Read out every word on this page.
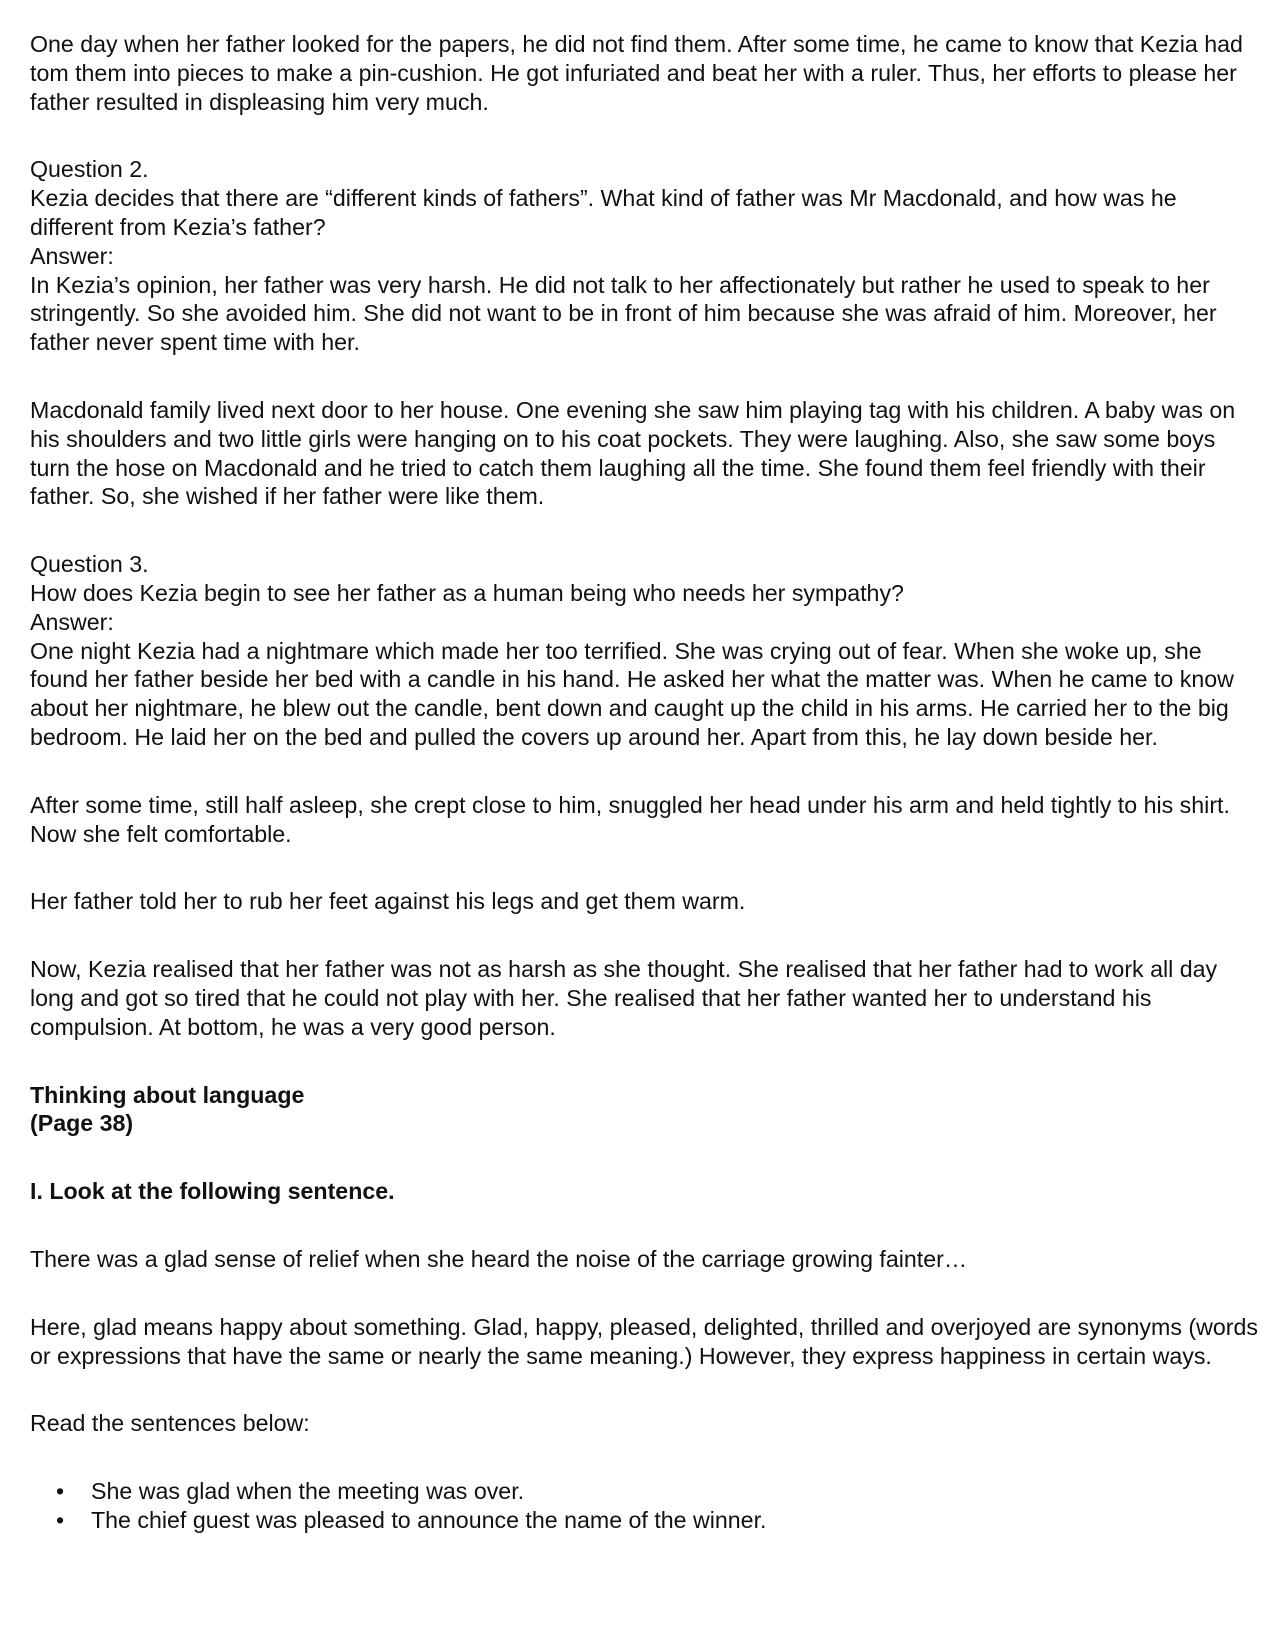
One day when her father looked for the papers, he did not find them. After some time, he came to know that Kezia had tom them into pieces to make a pin-cushion. He got infuriated and beat her with a ruler. Thus, her efforts to please her father resulted in displeasing him very much.

Question 2.

Kezia decides that there are “different kinds of fathers”. What kind of father was Mr Macdonald, and how was he different from Kezia’s father?

Answer:

In Kezia’s opinion, her father was very harsh. He did not talk to her affectionately but rather he used to speak to her stringently. So she avoided him. She did not want to be in front of him because she was afraid of him. Moreover, her father never spent time with her.

Macdonald family lived next door to her house. One evening she saw him playing tag with his children. A baby was on his shoulders and two little girls were hanging on to his coat pockets. They were laughing. Also, she saw some boys turn the hose on Macdonald and he tried to catch them laughing all the time. She found them feel friendly with their father. So, she wished if her father were like them.

Question 3.

How does Kezia begin to see her father as a human being who needs her sympathy?

Answer:

One night Kezia had a nightmare which made her too terrified. She was crying out of fear. When she woke up, she found her father beside her bed with a candle in his hand. He asked her what the matter was. When he came to know about her nightmare, he blew out the candle, bent down and caught up the child in his arms. He carried her to the big bedroom. He laid her on the bed and pulled the covers up around her. Apart from this, he lay down beside her.

After some time, still half asleep, she crept close to him, snuggled her head under his arm and held tightly to his shirt. Now she felt comfortable.

Her father told her to rub her feet against his legs and get them warm.

Now, Kezia realised that her father was not as harsh as she thought. She realised that her father had to work all day long and got so tired that he could not play with her. She realised that her father wanted her to understand his compulsion. At bottom, he was a very good person.

Thinking about language

(Page 38)

I. Look at the following sentence.

There was a glad sense of relief when she heard the noise of the carriage growing fainter…

Here, glad means happy about something. Glad, happy, pleased, delighted, thrilled and overjoyed are synonyms (words or expressions that have the same or nearly the same meaning.) However, they express happiness in certain ways.

Read the sentences below:

• She was glad when the meeting was over.
• The chief guest was pleased to announce the name of the winner.
